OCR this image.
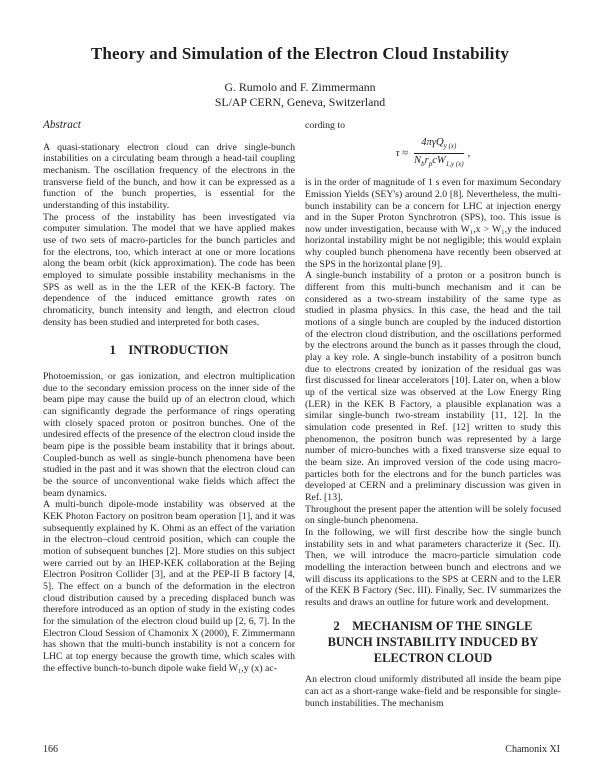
Theory and Simulation of the Electron Cloud Instability
G. Rumolo and F. Zimmermann
SL/AP CERN, Geneva, Switzerland
Abstract

A quasi-stationary electron cloud can drive single-bunch instabilities on a circulating beam through a head-tail coupling mechanism. The oscillation frequency of the electrons in the transverse field of the bunch, and how it can be expressed as a function of the bunch properties, is essential for the understanding of this instability.

The process of the instability has been investigated via computer simulation. The model that we have applied makes use of two sets of macro-particles for the bunch particles and for the electrons, too, which interact at one or more locations along the beam orbit (kick approximation). The code has been employed to simulate possible instability mechanisms in the SPS as well as in the the LER of the KEK-B factory. The dependence of the induced emittance growth rates on chromaticity, bunch intensity and length, and electron cloud density has been studied and interpreted for both cases.

1 INTRODUCTION

Photoemission, or gas ionization, and electron multiplication due to the secondary emission process on the inner side of the beam pipe may cause the build up of an electron cloud, which can significantly degrade the performance of rings operating with closely spaced proton or positron bunches. One of the undesired effects of the presence of the electron cloud inside the beam pipe is the possible beam instability that it brings about. Coupled-bunch as well as single-bunch phenomena have been studied in the past and it was shown that the electron cloud can be the source of unconventional wake fields which affect the beam dynamics.

A multi-bunch dipole-mode instability was observed at the KEK Photon Factory on positron beam operation [1], and it was subsequently explained by K. Ohmi as an effect of the variation in the electron–cloud centroid position, which can couple the motion of subsequent bunches [2]. More studies on this subject were carried out by an IHEP-KEK collaboration at the Bejing Electron Positron Collider [3], and at the PEP-II B factory [4, 5]. The effect on a bunch of the deformation in the electron cloud distribution caused by a preceding displaced bunch was therefore introduced as an option of study in the existing codes for the simulation of the electron cloud build up [2, 6, 7]. In the Electron Cloud Session of Chamonix X (2000), F. Zimmermann has shown that the multi-bunch instability is not a concern for LHC at top energy because the growth time, which scales with the effective bunch-to-bunch dipole wake field W₁,y (x) ac-

cording to

$\tau \approx \frac{4\pi\gamma Q_{y (x)}}{N_br_pcW_{1,y (x)}}$ ,

is in the order of magnitude of 1 s even for maximum Secondary Emission Yields (SEY's) around 2.0 [8]. Nevertheless, the multi-bunch instability can be a concern for LHC at injection energy and in the Super Proton Synchrotron (SPS), too. This issue is now under investigation, because with W₁,x > W₁,y the induced horizontal instability might be not negligible; this would explain why coupled bunch phenomena have recently been observed at the SPS in the horizontal plane [9].

A single-bunch instability of a proton or a positron bunch is different from this multi-bunch mechanism and it can be considered as a two-stream instability of the same type as studied in plasma physics. In this case, the head and the tail motions of a single bunch are coupled by the induced distortion of the electron cloud distribution, and the oscillations performed by the electrons around the bunch as it passes through the cloud, play a key role. A single-bunch instability of a positron bunch due to electrons created by ionization of the residual gas was first discussed for linear accelerators [10]. Later on, when a blow up of the vertical size was observed at the Low Energy Ring (LER) in the KEK B Factory, a plausible explanation was a similar single-bunch two-stream instability [11, 12]. In the simulation code presented in Ref. [12] written to study this phenomenon, the positron bunch was represented by a large number of micro-bunches with a fixed transverse size equal to the beam size. An improved version of the code using macro-particles both for the electrons and for the bunch particles was developed at CERN and a preliminary discussion was given in Ref. [13].

Throughout the present paper the attention will be solely focused on single-bunch phenomena.

In the following, we will first describe how the single bunch instability sets in and what parameters characterize it (Sec. II). Then, we will introduce the macro-particle simulation code modelling the interaction between bunch and electrons and we will discuss its applications to the SPS at CERN and to the LER of the KEK B Factory (Sec. III). Finally, Sec. IV summarizes the results and draws an outline for future work and development.

2 MECHANISM OF THE SINGLE
BUNCH INSTABILITY INDUCED BY
ELECTRON CLOUD

An electron cloud uniformly distributed all inside the beam pipe can act as a short-range wake-field and be responsible for single-bunch instabilities. The mechanism

166	Chamonix XI
